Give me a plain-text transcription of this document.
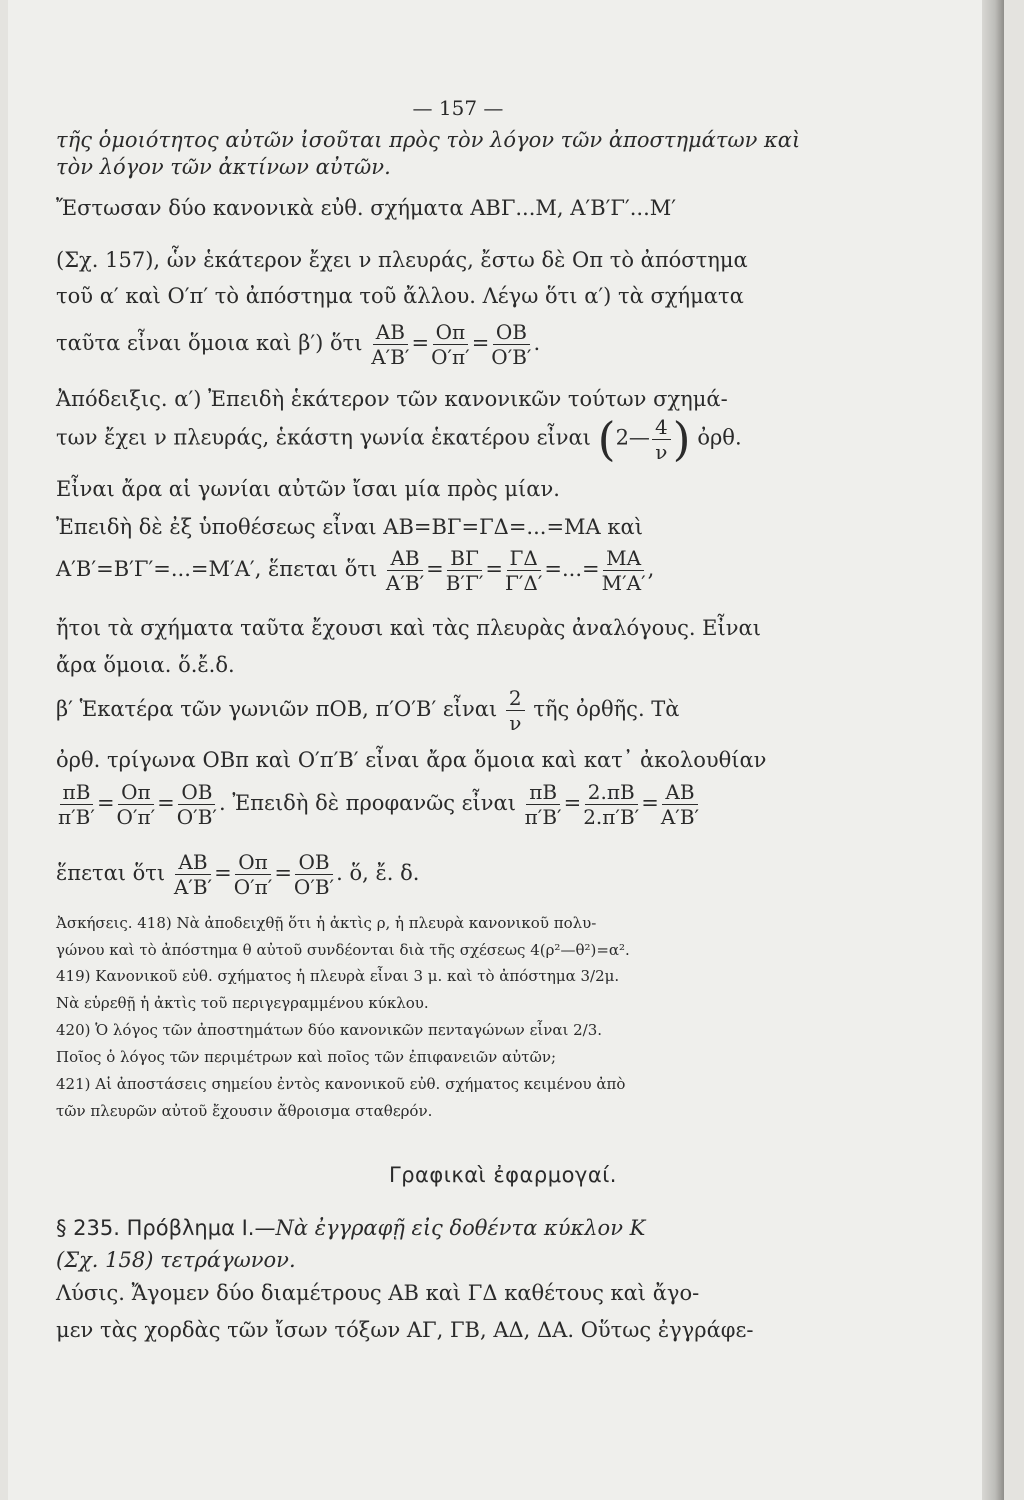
— 157 —
τῆς ὁμοιότητος αὐτῶν ἰσοῦται πρὸς τὸν λόγον τῶν ἀποστημάτων καὶ
τὸν λόγον τῶν ἀκτίνων αὐτῶν.
Ἔστωσαν δύο κανονικὰ εὐθ. σχήματα ΑΒΓ...Μ, Α′Β′Γ′...Μ′
(Σχ. 157), ὧν ἑκάτερον ἔχει ν πλευράς, ἔστω δὲ Οπ τὸ ἀπόστημα
τοῦ α′ καὶ Ο′π′ τὸ ἀπόστημα τοῦ ἄλλου. Λέγω ὅτι α′) τὰ σχήματα
ταῦτα εἶναι ὅμοια καὶ β′) ὅτι $\frac{AB}{A'B'} = \frac{O\pi}{O'\pi'} = \frac{OB}{O'B'}$ .
Ἀπόδειξις. α′) Ἐπειδὴ ἑκάτερον τῶν κανονικῶν τούτων σχημά-
των ἔχει ν πλευράς, ἑκάστη γωνία ἑκατέρου εἶναι (2— $\frac{4}{\nu}$ ) ὀρθ.
Εἶναι ἄρα αἱ γωνίαι αὐτῶν ἴσαι μία πρὸς μίαν.
Ἐπειδὴ δὲ ἐξ ὑποθέσεως εἶναι ΑΒ=ΒΓ=ΓΔ=...=ΜΑ καὶ
Α′Β′=Β′Γ′=...=Μ′Α′, ἕπεται ὅτι $\frac{AB}{A'B'} = \frac{B\Gamma}{B'\Gamma'} = \frac{\Gamma\Delta}{\Gamma'\Delta'}$ =...= $\frac{MA}{M'A'}$ ,
ἤτοι τὰ σχήματα ταῦτα ἔχουσι καὶ τὰς πλευρὰς ἀναλόγους. Εἶναι
ἄρα ὅμοια. ὅ.ἔ.δ.
β′ Ἑκατέρα τῶν γωνιῶν πΟΒ, π′Ο′Β′ εἶναι $\frac{2}{\nu}$ τῆς ὀρθῆς. Τὰ
ὀρθ. τρίγωνα ΟΒπ καὶ Ο′π′Β′ εἶναι ἄρα ὅμοια καὶ κατ᾽ ἀκολουθίαν
$\frac{\pi B}{\pi'B'} = \frac{O\pi}{O'\pi'} = \frac{OB}{O'B'}$ . Ἐπειδὴ δὲ προφανῶς εἶναι $\frac{\pi B}{\pi'B'} = \frac{2.\pi B}{2.\pi'B'} = \frac{AB}{A'B'}$
ἕπεται ὅτι $\frac{AB}{A'B'} = \frac{O\pi}{O'\pi'} = \frac{OB}{O'B'}$ . ὅ, ἔ. δ.
Ἀσκήσεις. 418) Νὰ ἀποδειχθῇ ὅτι ἡ ἀκτὶς ρ, ἡ πλευρὰ κανονικοῦ πολυ-
γώνου καὶ τὸ ἀπόστημα θ αὐτοῦ συνδέονται διὰ τῆς σχέσεως 4(ρ²—θ²)=α².
419) Κανονικοῦ εὐθ. σχήματος ἡ πλευρὰ εἶναι 3 μ. καὶ τὸ ἀπόστημα 3/2μ.
Νὰ εὑρεθῇ ἡ ἀκτὶς τοῦ περιγεγραμμένου κύκλου.
420) Ὁ λόγος τῶν ἀποστημάτων δύο κανονικῶν πενταγώνων εἶναι 2/3.
Ποῖος ὁ λόγος τῶν περιμέτρων καὶ ποῖος τῶν ἐπιφανειῶν αὐτῶν;
421) Αἱ ἀποστάσεις σημείου ἐντὸς κανονικοῦ εὐθ. σχήματος κειμένου ἀπὸ
τῶν πλευρῶν αὐτοῦ ἔχουσιν ἄθροισμα σταθερόν.
Γραφικαὶ ἐφαρμογαί.
§ 235. Πρόβλημα Ι.—Νὰ ἐγγραφῇ εἰς δοθέντα κύκλον Κ
(Σχ. 158) τετράγωνον.
Λύσις. Ἄγομεν δύο διαμέτρους ΑΒ καὶ ΓΔ καθέτους καὶ ἄγο-
μεν τὰς χορδὰς τῶν ἴσων τόξων ΑΓ, ΓΒ, ΑΔ, ΔΑ. Οὕτως ἐγγράφε-
